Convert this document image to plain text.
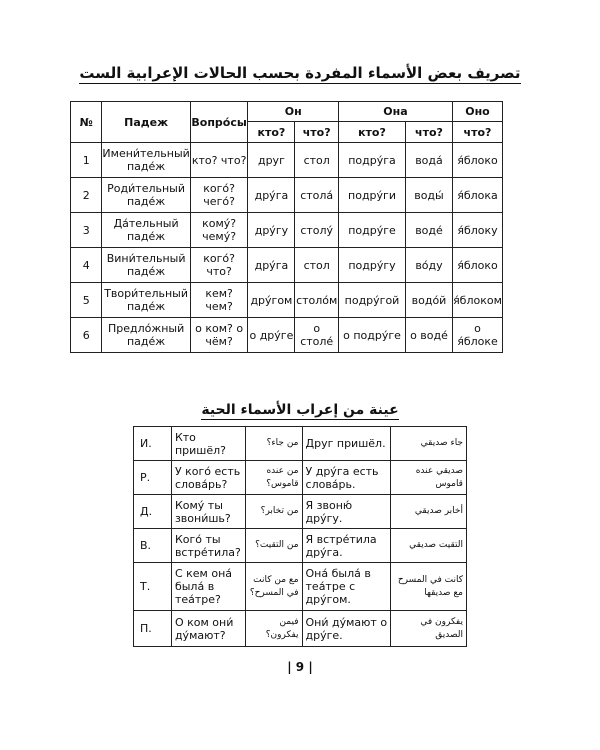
تصريف بعض الأسماء المفردة بحسب الحالات الإعرابية الست
№	Падеж	Вопро́сы	Он		Она		Оно
			кто?	что?	кто?	что?	что?
1	Имени́тельный паде́ж	кто? что?	друг	стол	подру́га	вода́	я́блоко
2	Роди́тельный паде́ж	кого́? чего́?	дру́га	стола́	подру́ги	воды́	я́блока
3	Да́тельный паде́ж	кому́? чему́?	дру́гу	столу́	подру́ге	воде́	я́блоку
4	Вини́тельный паде́ж	кого́? что?	дру́га	стол	подру́гу	во́ду	я́блоко
5	Твори́тельный паде́ж	кем? чем?	дру́гом	столо́м	подру́гой	водо́й	я́блоком
6	Предло́жный паде́ж	о ком? о чём?	о дру́ге	о столе́	о подру́ге	о воде́	о я́блоке
عينة من إعراب الأسماء الحية
И.	Кто пришёл?	من جاء؟	Друг пришёл.	جاء صديقي
Р.	У кого́ есть слова́рь?	من عنده قاموس؟	У дру́га есть слова́рь.	صديقي عنده قاموس
Д.	Кому́ ты звони́шь?	من تخابر؟	Я звоню́ дру́гу.	أخابر صديقي
В.	Кого́ ты встре́тила?	من التقيت؟	Я встре́тила дру́га.	التقيت صديقي
Т.	С кем она́ была́ в теа́тре?	مع من كانت في المسرح؟	Она́ была́ в теа́тре с дру́гом.	كانت في المسرح مع صديقها
П.	О ком они́ ду́мают?	فيمن يفكرون؟	Они́ ду́мают о дру́ге.	يفكرون في الصديق
| 9 |
